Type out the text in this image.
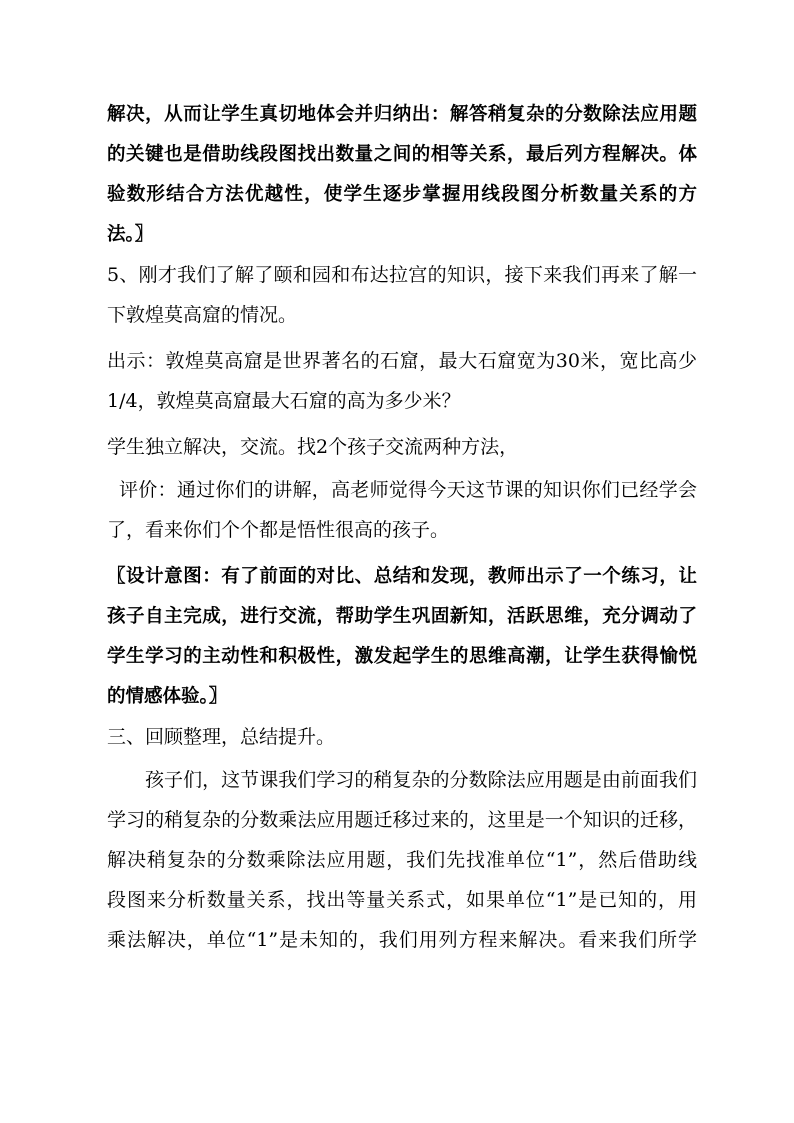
解决，从而让学生真切地体会并归纳出：解答稍复杂的分数除法应用题
的关键也是借助线段图找出数量之间的相等关系，最后列方程解决。体
验数形结合方法优越性，使学生逐步掌握用线段图分析数量关系的方
法。〗
5、刚才我们了解了颐和园和布达拉宫的知识，接下来我们再来了解一
下敦煌莫高窟的情况。
出示：敦煌莫高窟是世界著名的石窟，最大石窟宽为30米，宽比高少
1/4，敦煌莫高窟最大石窟的高为多少米？
学生独立解决，交流。找2个孩子交流两种方法，
评价：通过你们的讲解，高老师觉得今天这节课的知识你们已经学会
了，看来你们个个都是悟性很高的孩子。
〖设计意图：有了前面的对比、总结和发现，教师出示了一个练习，让
孩子自主完成，进行交流，帮助学生巩固新知，活跃思维，充分调动了
学生学习的主动性和积极性，激发起学生的思维高潮，让学生获得愉悦
的情感体验。〗
三、回顾整理，总结提升。
孩子们，这节课我们学习的稍复杂的分数除法应用题是由前面我们
学习的稍复杂的分数乘法应用题迁移过来的，这里是一个知识的迁移，
解决稍复杂的分数乘除法应用题，我们先找准单位“1”，然后借助线
段图来分析数量关系，找出等量关系式，如果单位“1”是已知的，用
乘法解决，单位“1”是未知的，我们用列方程来解决。看来我们所学
